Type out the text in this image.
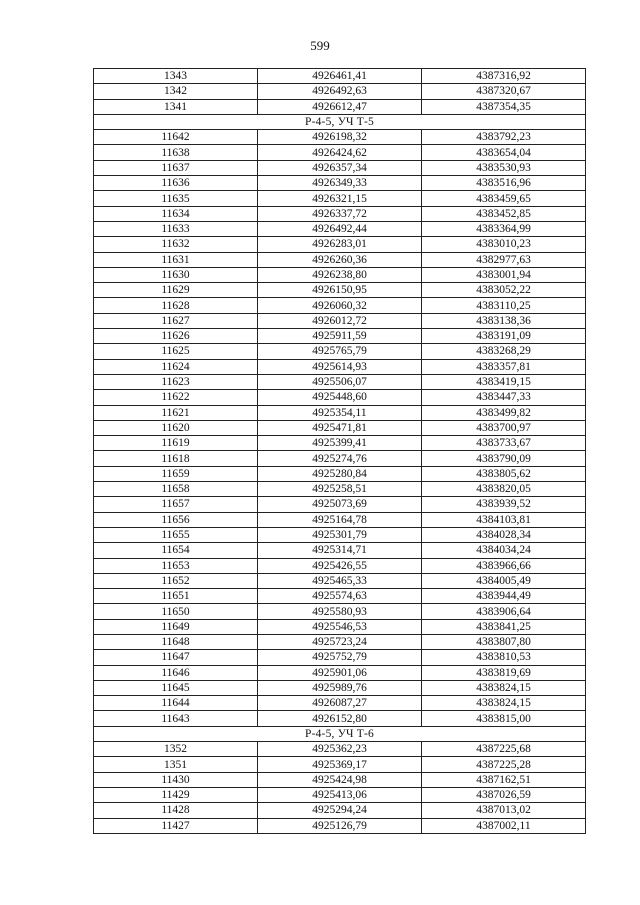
599
1343	4926461,41	4387316,92
1342	4926492,63	4387320,67
1341	4926612,47	4387354,35
Р-4-5, УЧ Т-5		
11642	4926198,32	4383792,23
11638	4926424,62	4383654,04
11637	4926357,34	4383530,93
11636	4926349,33	4383516,96
11635	4926321,15	4383459,65
11634	4926337,72	4383452,85
11633	4926492,44	4383364,99
11632	4926283,01	4383010,23
11631	4926260,36	4382977,63
11630	4926238,80	4383001,94
11629	4926150,95	4383052,22
11628	4926060,32	4383110,25
11627	4926012,72	4383138,36
11626	4925911,59	4383191,09
11625	4925765,79	4383268,29
11624	4925614,93	4383357,81
11623	4925506,07	4383419,15
11622	4925448,60	4383447,33
11621	4925354,11	4383499,82
11620	4925471,81	4383700,97
11619	4925399,41	4383733,67
11618	4925274,76	4383790,09
11659	4925280,84	4383805,62
11658	4925258,51	4383820,05
11657	4925073,69	4383939,52
11656	4925164,78	4384103,81
11655	4925301,79	4384028,34
11654	4925314,71	4384034,24
11653	4925426,55	4383966,66
11652	4925465,33	4384005,49
11651	4925574,63	4383944,49
11650	4925580,93	4383906,64
11649	4925546,53	4383841,25
11648	4925723,24	4383807,80
11647	4925752,79	4383810,53
11646	4925901,06	4383819,69
11645	4925989,76	4383824,15
11644	4926087,27	4383824,15
11643	4926152,80	4383815,00
Р-4-5, УЧ Т-6		
1352	4925362,23	4387225,68
1351	4925369,17	4387225,28
11430	4925424,98	4387162,51
11429	4925413,06	4387026,59
11428	4925294,24	4387013,02
11427	4925126,79	4387002,11
